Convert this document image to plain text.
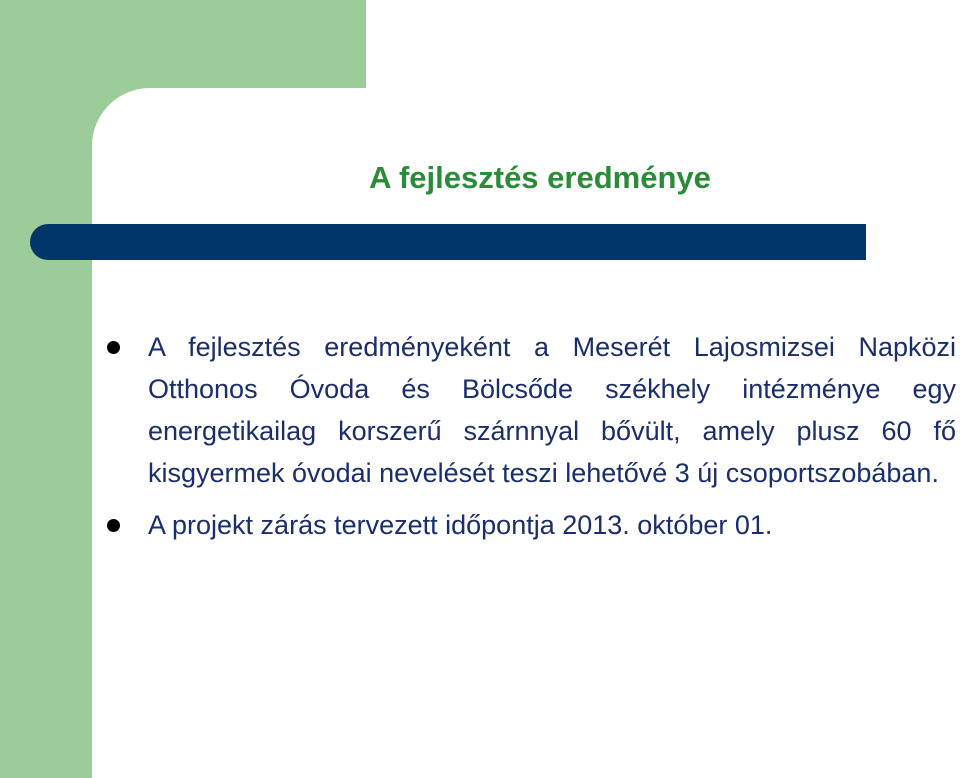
A fejlesztés eredménye
A fejlesztés eredményeként a Meserét Lajosmizsei Napközi Otthonos Óvoda és Bölcsőde székhely intézménye egy energetikailag korszerű szárnnyal bővült, amely plusz 60 fő kisgyermek óvodai nevelését teszi lehetővé 3 új csoportszobában.
A projekt zárás tervezett időpontja 2013. október 01.
